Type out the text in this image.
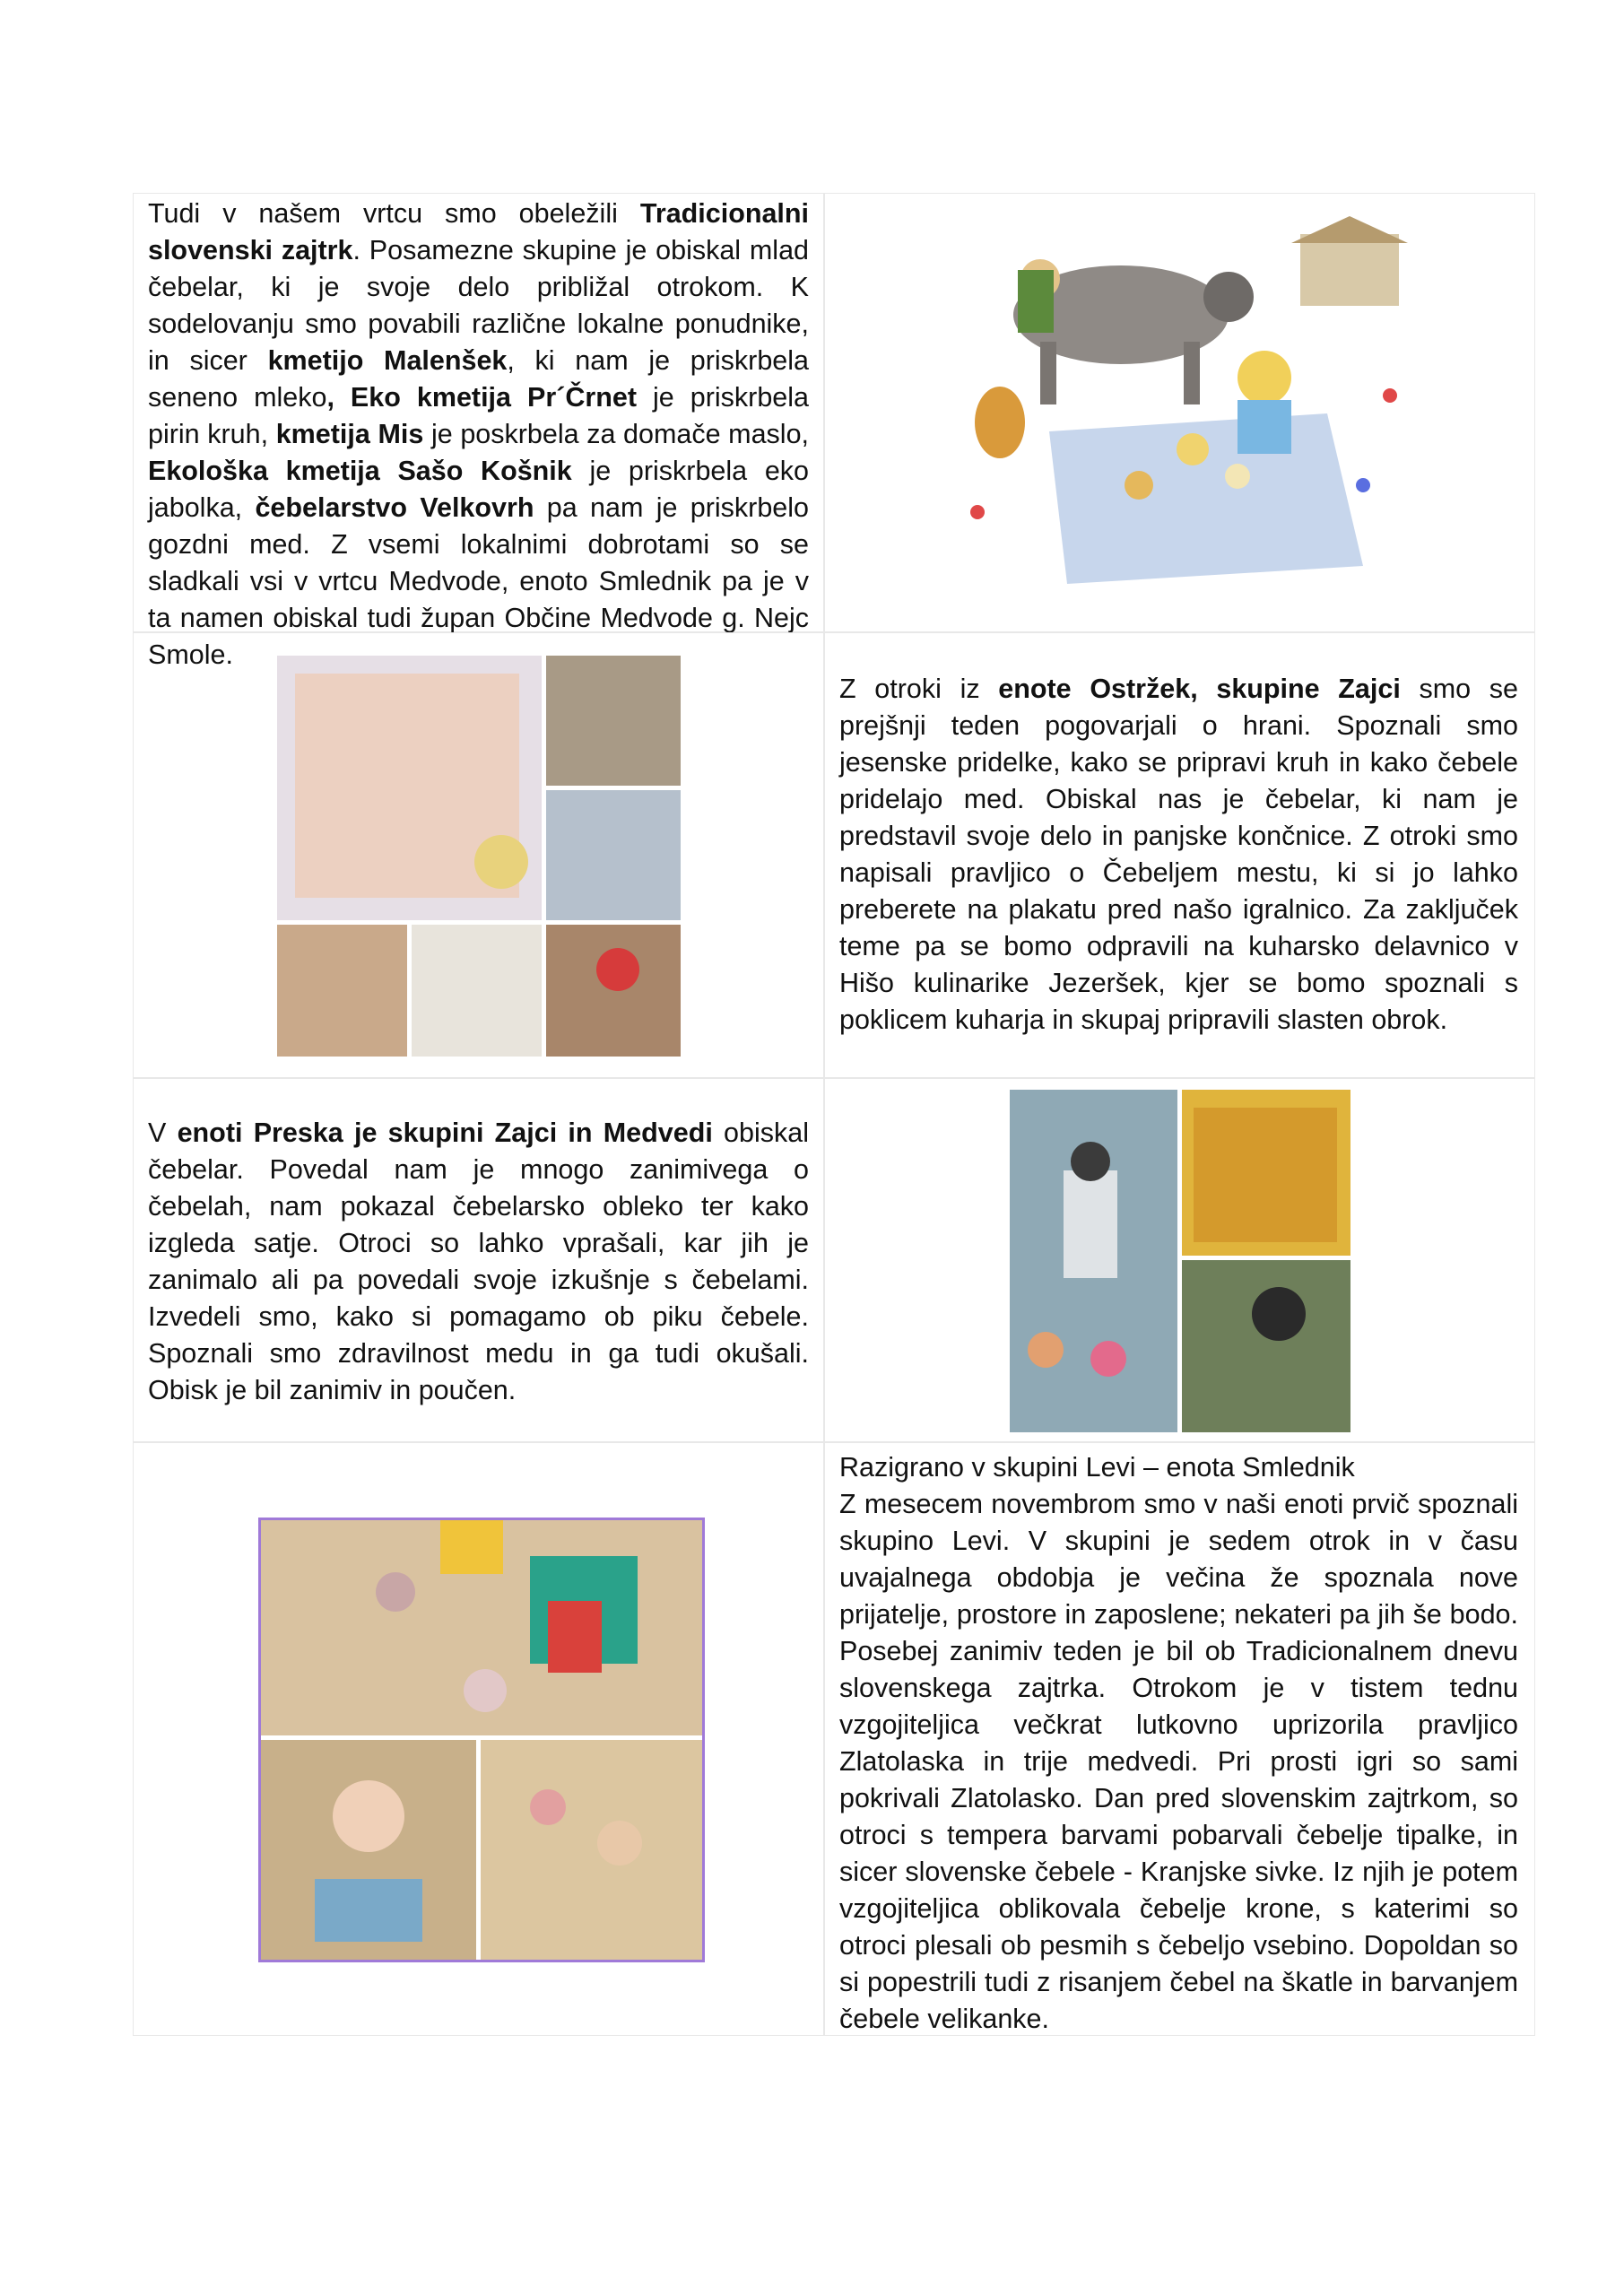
Tudi v našem vrtcu smo obeležili Tradicionalni slovenski zajtrk. Posamezne skupine je obiskal mlad čebelar, ki je svoje delo približal otrokom. K sodelovanju smo povabili različne lokalne ponudnike, in sicer kmetijo Malenšek, ki nam je priskrbela seneno mleko, Eko kmetija Pr´Črnet je priskrbela pirin kruh, kmetija Mis je poskrbela za domače maslo, Ekološka kmetija Sašo Košnik je priskrbela eko jabolka, čebelarstvo Velkovrh pa nam je priskrbelo gozdni med. Z vsemi lokalnimi dobrotami so se sladkali vsi v vrtcu Medvode, enoto Smlednik pa je v ta namen obiskal tudi župan Občine Medvode g. Nejc Smole.
Z otroki iz enote Ostržek, skupine Zajci smo se prejšnji teden pogovarjali o hrani. Spoznali smo jesenske pridelke, kako se pripravi kruh in kako čebele pridelajo med. Obiskal nas je čebelar, ki nam je predstavil svoje delo in panjske končnice. Z otroki smo napisali pravljico o Čebeljem mestu, ki si jo lahko preberete na plakatu pred našo igralnico. Za zaključek teme pa se bomo odpravili na kuharsko delavnico v Hišo kulinarike Jezeršek, kjer se bomo spoznali s poklicem kuharja in skupaj pripravili slasten obrok.
V enoti Preska je skupini Zajci in Medvedi obiskal čebelar. Povedal nam je mnogo zanimivega o čebelah, nam pokazal čebelarsko obleko ter kako izgleda satje. Otroci so lahko vprašali, kar jih je zanimalo ali pa povedali svoje izkušnje s čebelami. Izvedeli smo, kako si pomagamo ob piku čebele. Spoznali smo zdravilnost medu in ga tudi okušali. Obisk je bil zanimiv in poučen.
Razigrano v skupini Levi – enota Smlednik
Z mesecem novembrom smo v naši enoti prvič spoznali skupino Levi. V skupini je sedem otrok in v času uvajalnega obdobja je večina že spoznala nove prijatelje, prostore in zaposlene; nekateri pa jih še bodo. Posebej zanimiv teden je bil ob Tradicionalnem dnevu slovenskega zajtrka. Otrokom je v tistem tednu vzgojiteljica večkrat lutkovno uprizorila pravljico Zlatolaska in trije medvedi. Pri prosti igri so sami pokrivali Zlatolasko. Dan pred slovenskim zajtrkom, so otroci s tempera barvami pobarvali čebelje tipalke, in sicer slovenske čebele - Kranjske sivke. Iz njih je potem vzgojiteljica oblikovala čebelje krone, s katerimi so otroci plesali ob pesmih s čebeljo vsebino. Dopoldan so si popestrili tudi z risanjem čebel na škatle in barvanjem čebele velikanke.
